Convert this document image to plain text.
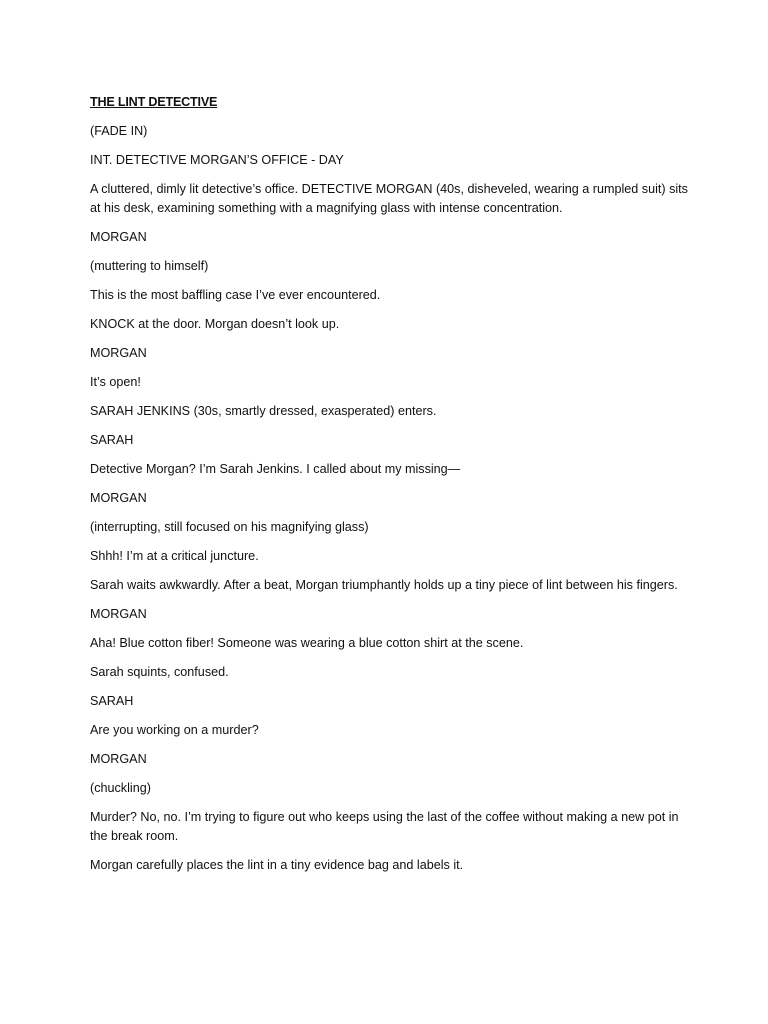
THE LINT DETECTIVE
(FADE IN)
INT. DETECTIVE MORGAN’S OFFICE - DAY
A cluttered, dimly lit detective’s office. DETECTIVE MORGAN (40s, disheveled, wearing a rumpled suit) sits at his desk, examining something with a magnifying glass with intense concentration.
MORGAN
(muttering to himself)
This is the most baffling case I’ve ever encountered.
KNOCK at the door. Morgan doesn’t look up.
MORGAN
It’s open!
SARAH JENKINS (30s, smartly dressed, exasperated) enters.
SARAH
Detective Morgan? I’m Sarah Jenkins. I called about my missing—
MORGAN
(interrupting, still focused on his magnifying glass)
Shhh! I’m at a critical juncture.
Sarah waits awkwardly. After a beat, Morgan triumphantly holds up a tiny piece of lint between his fingers.
MORGAN
Aha! Blue cotton fiber! Someone was wearing a blue cotton shirt at the scene.
Sarah squints, confused.
SARAH
Are you working on a murder?
MORGAN
(chuckling)
Murder? No, no. I’m trying to figure out who keeps using the last of the coffee without making a new pot in the break room.
Morgan carefully places the lint in a tiny evidence bag and labels it.
